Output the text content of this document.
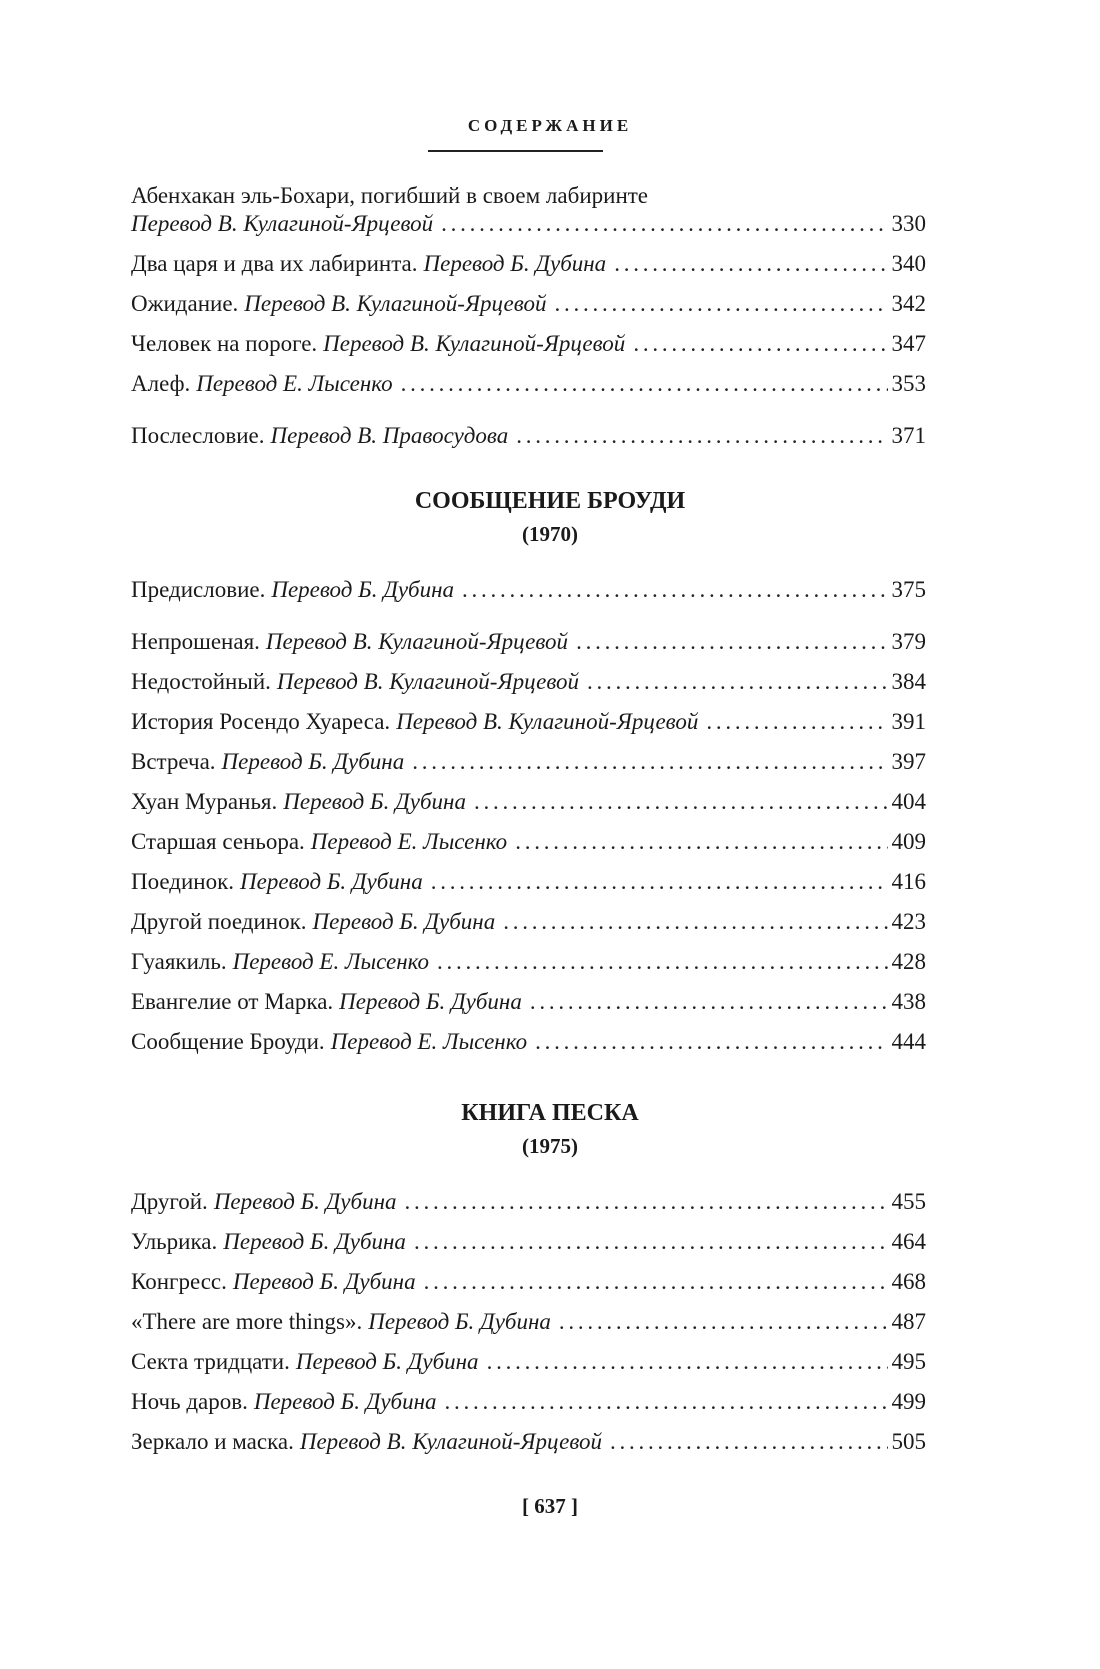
СОДЕРЖАНИЕ
Абенхакан эль-Бохари, погибший в своем лабиринте
Перевод В. Кулагиной-Ярцевой . . .	330
Два царя и два их лабиринта. Перевод Б. Дубина . . .	340
Ожидание. Перевод В. Кулагиной-Ярцевой . . .	342
Человек на пороге. Перевод В. Кулагиной-Ярцевой . . .	347
Алеф. Перевод Е. Лысенко . . .	353
Послесловие. Перевод В. Правосудова . . .	371
СООБЩЕНИЕ БРОУДИ
(1970)
Предисловие. Перевод Б. Дубина . . .	375
Непрошеная. Перевод В. Кулагиной-Ярцевой . . .	379
Недостойный. Перевод В. Кулагиной-Ярцевой . . .	384
История Росендо Хуареса. Перевод В. Кулагиной-Ярцевой . . .	391
Встреча. Перевод Б. Дубина . . .	397
Хуан Муранья. Перевод Б. Дубина . . .	404
Старшая сеньора. Перевод Е. Лысенко . . .	409
Поединок. Перевод Б. Дубина . . .	416
Другой поединок. Перевод Б. Дубина . . .	423
Гуаякиль. Перевод Е. Лысенко . . .	428
Евангелие от Марка. Перевод Б. Дубина . . .	438
Сообщение Броуди. Перевод Е. Лысенко . . .	444
КНИГА ПЕСКА
(1975)
Другой. Перевод Б. Дубина . . .	455
Ульрика. Перевод Б. Дубина . . .	464
Конгресс. Перевод Б. Дубина . . .	468
«There are more things». Перевод Б. Дубина . . .	487
Секта тридцати. Перевод Б. Дубина . . .	495
Ночь даров. Перевод Б. Дубина . . .	499
Зеркало и маска. Перевод В. Кулагиной-Ярцевой . . .	505
[ 637 ]
